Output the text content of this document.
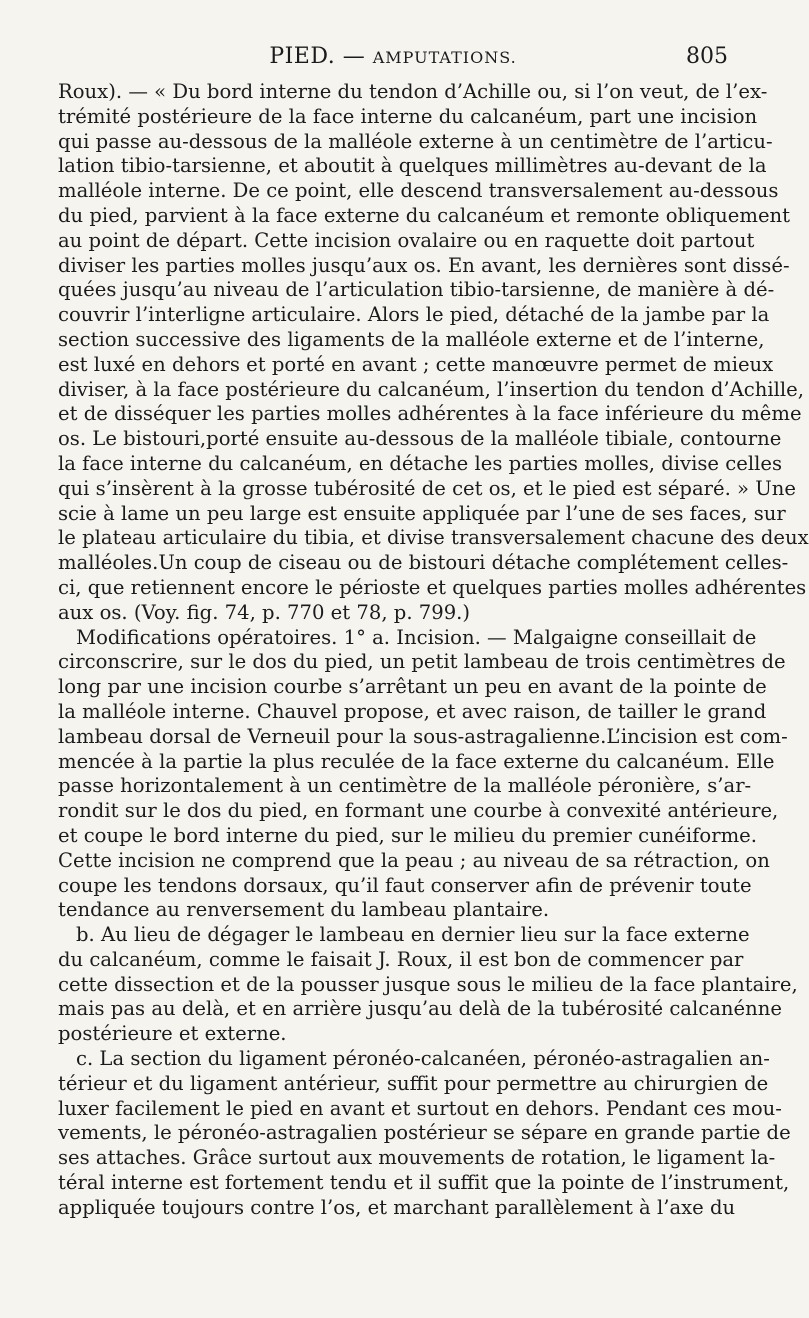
PIED. — AMPUTATIONS.	805
Roux). — « Du bord interne du tendon d’Achille ou, si l’on veut, de l’ex-
trémité postérieure de la face interne du calcanéum, part une incision
qui passe au-dessous de la malléole externe à un centimètre de l’articu-
lation tibio-tarsienne, et aboutit à quelques millimètres au-devant de la
malléole interne. De ce point, elle descend transversalement au-dessous
du pied, parvient à la face externe du calcanéum et remonte obliquement
au point de départ. Cette incision ovalaire ou en raquette doit partout
diviser les parties molles jusqu’aux os. En avant, les dernières sont dissé-
quées jusqu’au niveau de l’articulation tibio-tarsienne, de manière à dé-
couvrir l’interligne articulaire. Alors le pied, détaché de la jambe par la
section successive des ligaments de la malléole externe et de l’interne,
est luxé en dehors et porté en avant ; cette manœuvre permet de mieux
diviser, à la face postérieure du calcanéum, l’insertion du tendon d’Achille,
et de disséquer les parties molles adhérentes à la face inférieure du même
os. Le bistouri,porté ensuite au-dessous de la malléole tibiale, contourne
la face interne du calcanéum, en détache les parties molles, divise celles
qui s’insèrent à la grosse tubérosité de cet os, et le pied est séparé. » Une
scie à lame un peu large est ensuite appliquée par l’une de ses faces, sur
le plateau articulaire du tibia, et divise transversalement chacune des deux
malléoles.Un coup de ciseau ou de bistouri détache complétement celles-
ci, que retiennent encore le périoste et quelques parties molles adhérentes
aux os. (Voy. fig. 74, p. 770 et 78, p. 799.)
Modifications opératoires. 1° a. Incision. — Malgaigne conseillait de
circonscrire, sur le dos du pied, un petit lambeau de trois centimètres de
long par une incision courbe s’arrêtant un peu en avant de la pointe de
la malléole interne. Chauvel propose, et avec raison, de tailler le grand
lambeau dorsal de Verneuil pour la sous-astragalienne.L’incision est com-
mencée à la partie la plus reculée de la face externe du calcanéum. Elle
passe horizontalement à un centimètre de la malléole péronière, s’ar-
rondit sur le dos du pied, en formant une courbe à convexité antérieure,
et coupe le bord interne du pied, sur le milieu du premier cunéiforme.
Cette incision ne comprend que la peau ; au niveau de sa rétraction, on
coupe les tendons dorsaux, qu’il faut conserver afin de prévenir toute
tendance au renversement du lambeau plantaire.
b. Au lieu de dégager le lambeau en dernier lieu sur la face externe
du calcanéum, comme le faisait J. Roux, il est bon de commencer par
cette dissection et de la pousser jusque sous le milieu de la face plantaire,
mais pas au delà, et en arrière jusqu’au delà de la tubérosité calcanénne
postérieure et externe.
c. La section du ligament péronéo-calcanéen, péronéo-astragalien an-
térieur et du ligament antérieur, suffit pour permettre au chirurgien de
luxer facilement le pied en avant et surtout en dehors. Pendant ces mou-
vements, le péronéo-astragalien postérieur se sépare en grande partie de
ses attaches. Grâce surtout aux mouvements de rotation, le ligament la-
téral interne est fortement tendu et il suffit que la pointe de l’instrument,
appliquée toujours contre l’os, et marchant parallèlement à l’axe du
